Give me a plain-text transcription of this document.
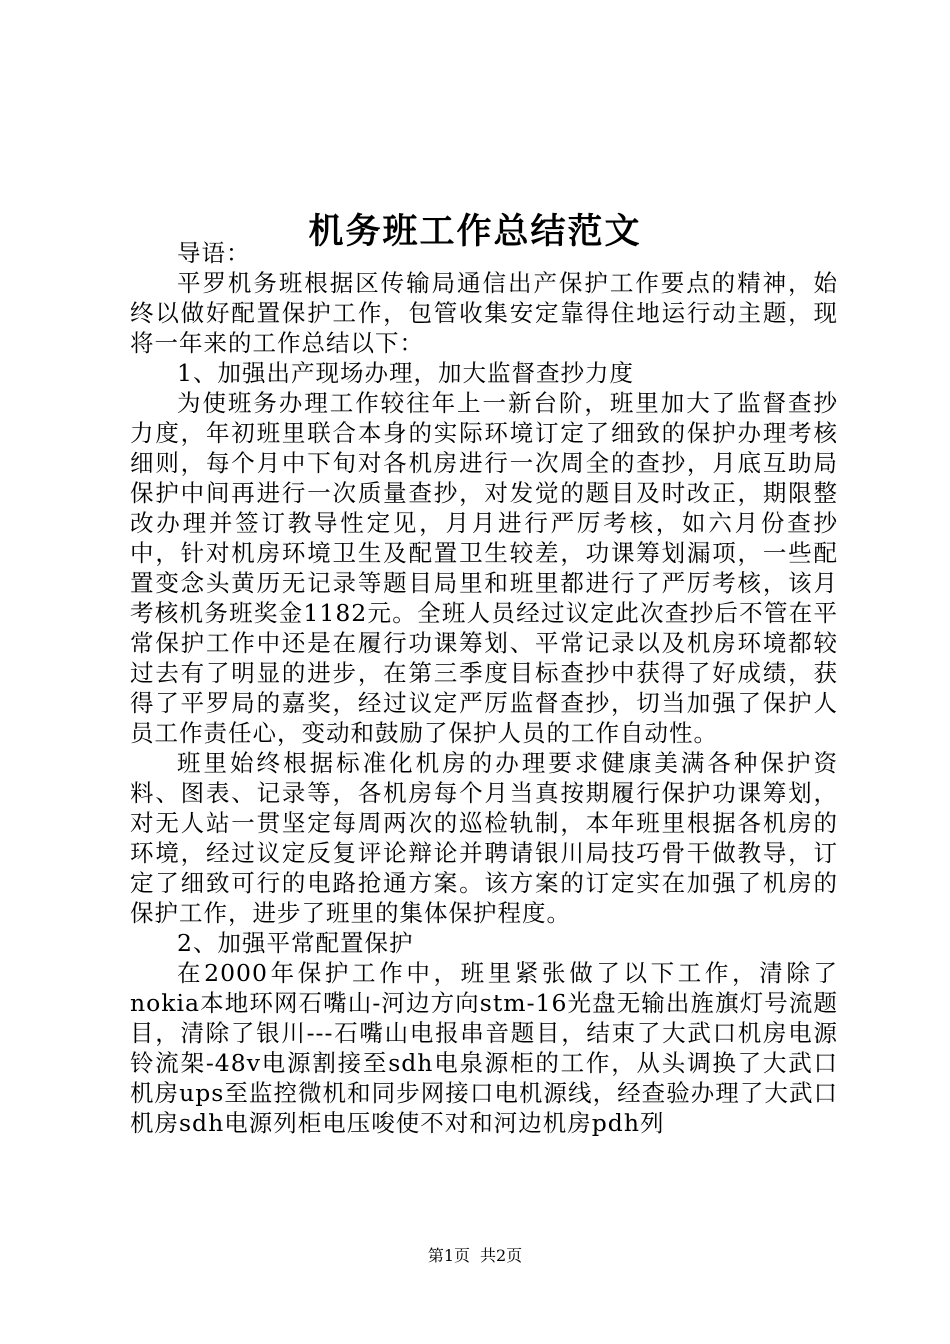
机务班工作总结范文

导语：

平罗机务班根据区传输局通信出产保护工作要点的精神，始终以做好配置保护工作，包管收集安定靠得住地运行动主题，现将一年来的工作总结以下：

1、加强出产现场办理，加大监督查抄力度

为使班务办理工作较往年上一新台阶，班里加大了监督查抄力度，年初班里联合本身的实际环境订定了细致的保护办理考核细则，每个月中下旬对各机房进行一次周全的查抄，月底互助局保护中间再进行一次质量查抄，对发觉的题目及时改正，期限整改办理并签订教导性定见，月月进行严厉考核，如六月份查抄中，针对机房环境卫生及配置卫生较差，功课筹划漏项，一些配置变念头黄历无记录等题目局里和班里都进行了严厉考核，该月考核机务班奖金1182元。全班人员经过议定此次查抄后不管在平常保护工作中还是在履行功课筹划、平常记录以及机房环境都较过去有了明显的进步，在第三季度目标查抄中获得了好成绩，获得了平罗局的嘉奖，经过议定严厉监督查抄，切当加强了保护人员工作责任心，变动和鼓励了保护人员的工作自动性。

班里始终根据标准化机房的办理要求健康美满各种保护资料、图表、记录等，各机房每个月当真按期履行保护功课筹划，对无人站一贯坚定每周两次的巡检轨制，本年班里根据各机房的环境，经过议定反复评论辩论并聘请银川局技巧骨干做教导，订定了细致可行的电路抢通方案。该方案的订定实在加强了机房的保护工作，进步了班里的集体保护程度。

2、加强平常配置保护

在2000年保护工作中，班里紧张做了以下工作，清除了nokia本地环网石嘴山-河边方向stm-16光盘无输出旌旗灯号流题目，清除了银川---石嘴山电报串音题目，结束了大武口机房电源铃流架-48v电源割接至sdh电泉源柜的工作，从头调换了大武口机房ups至监控微机和同步网接口电机源线，经查验办理了大武口机房sdh电源列柜电压唆使不对和河边机房pdh列

第1页 共2页
